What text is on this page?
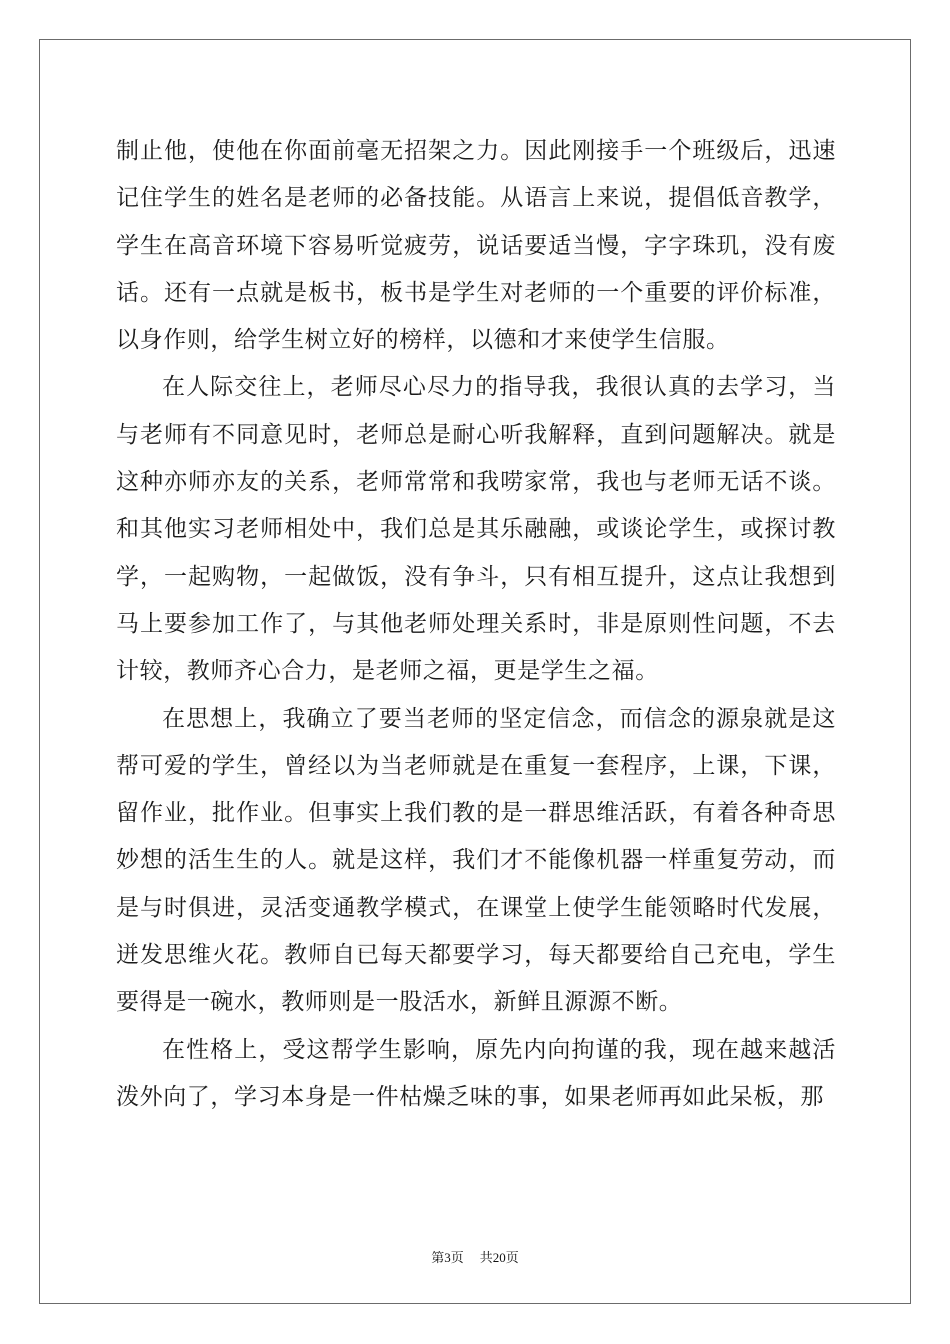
制止他，使他在你面前毫无招架之力。因此刚接手一个班级后，迅速记住学生的姓名是老师的必备技能。从语言上来说，提倡低音教学，学生在高音环境下容易听觉疲劳，说话要适当慢，字字珠玑，没有废话。还有一点就是板书，板书是学生对老师的一个重要的评价标准，以身作则，给学生树立好的榜样，以德和才来使学生信服。

在人际交往上，老师尽心尽力的指导我，我很认真的去学习，当与老师有不同意见时，老师总是耐心听我解释，直到问题解决。就是这种亦师亦友的关系，老师常常和我唠家常，我也与老师无话不谈。和其他实习老师相处中，我们总是其乐融融，或谈论学生，或探讨教学，一起购物，一起做饭，没有争斗，只有相互提升，这点让我想到马上要参加工作了，与其他老师处理关系时，非是原则性问题，不去计较，教师齐心合力，是老师之福，更是学生之福。

在思想上，我确立了要当老师的坚定信念，而信念的源泉就是这帮可爱的学生，曾经以为当老师就是在重复一套程序，上课，下课，留作业，批作业。但事实上我们教的是一群思维活跃，有着各种奇思妙想的活生生的人。就是这样，我们才不能像机器一样重复劳动，而是与时俱进，灵活变通教学模式，在课堂上使学生能领略时代发展，迸发思维火花。教师自已每天都要学习，每天都要给自己充电，学生要得是一碗水，教师则是一股活水，新鲜且源源不断。

在性格上，受这帮学生影响，原先内向拘谨的我，现在越来越活泼外向了，学习本身是一件枯燥乏味的事，如果老师再如此呆板，那

第3页 共20页
